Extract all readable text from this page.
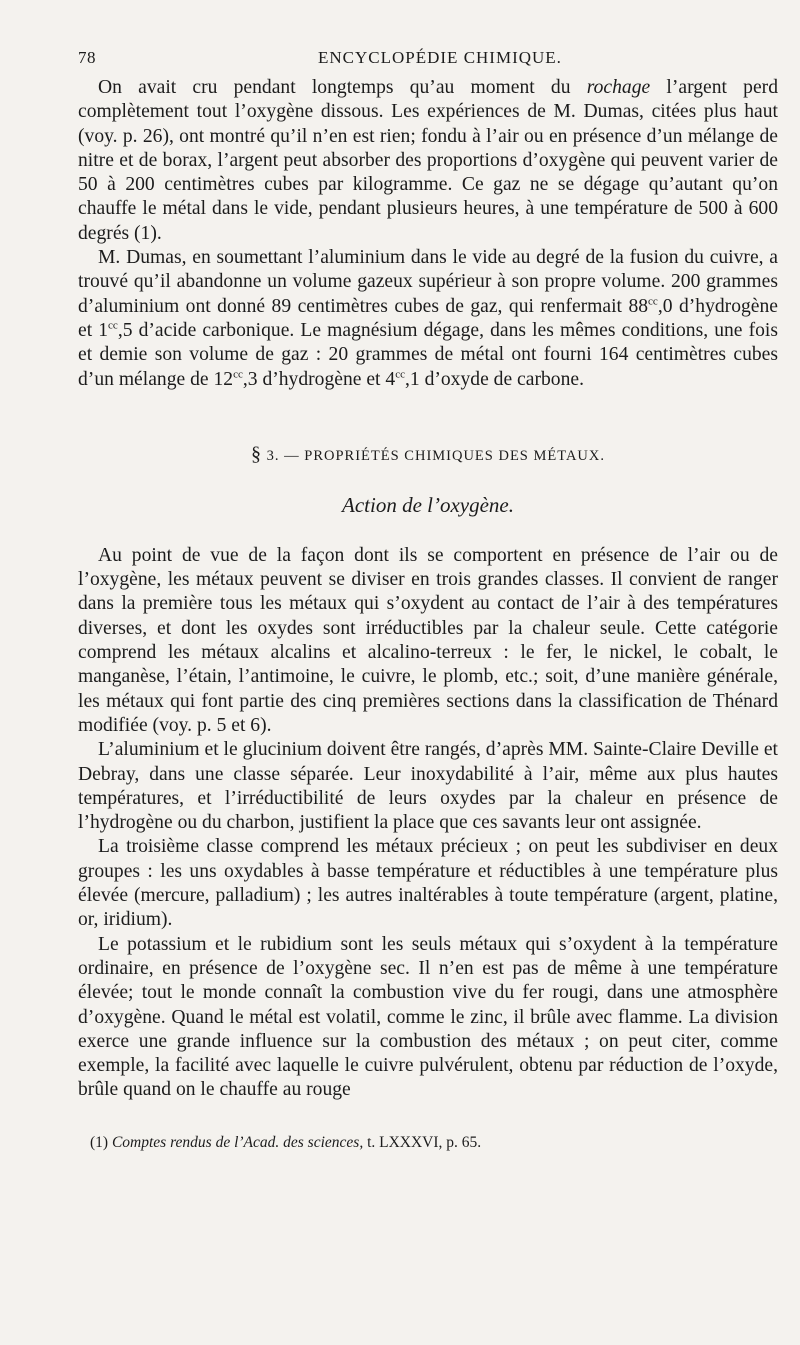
78	ENCYCLOPÉDIE CHIMIQUE.

On avait cru pendant longtemps qu’au moment du rochage l’argent perd complètement tout l’oxygène dissous. Les expériences de M. Dumas, citées plus haut (voy. p. 26), ont montré qu’il n’en est rien; fondu à l’air ou en présence d’un mélange de nitre et de borax, l’argent peut absorber des proportions d’oxygène qui peuvent varier de 50 à 200 centimètres cubes par kilogramme. Ce gaz ne se dégage qu’autant qu’on chauffe le métal dans le vide, pendant plusieurs heures, à une température de 500 à 600 degrés (1).

M. Dumas, en soumettant l’aluminium dans le vide au degré de la fusion du cuivre, a trouvé qu’il abandonne un volume gazeux supérieur à son propre volume. 200 grammes d’aluminium ont donné 89 centimètres cubes de gaz, qui renfermait $88^{cc},0$ d’hydrogène et $1^{cc},5$ d’acide carbonique. Le magnésium dégage, dans les mêmes conditions, une fois et demie son volume de gaz : 20 grammes de métal ont fourni 164 centimètres cubes d’un mélange de $12^{cc},3$ d’hydrogène et $4^{cc},1$ d’oxyde de carbone.

§ 3. — PROPRIÉTÉS CHIMIQUES DES MÉTAUX.
Action de l’oxygène.

Au point de vue de la façon dont ils se comportent en présence de l’air ou de l’oxygène, les métaux peuvent se diviser en trois grandes classes. Il convient de ranger dans la première tous les métaux qui s’oxydent au contact de l’air à des températures diverses, et dont les oxydes sont irréductibles par la chaleur seule. Cette catégorie comprend les métaux alcalins et alcalino-terreux : le fer, le nickel, le cobalt, le manganèse, l’étain, l’antimoine, le cuivre, le plomb, etc.; soit, d’une manière générale, les métaux qui font partie des cinq premières sections dans la classification de Thénard modifiée (voy. p. 5 et 6).

L’aluminium et le glucinium doivent être rangés, d’après MM. Sainte-Claire Deville et Debray, dans une classe séparée. Leur inoxydabilité à l’air, même aux plus hautes températures, et l’irréductibilité de leurs oxydes par la chaleur en présence de l’hydrogène ou du charbon, justifient la place que ces savants leur ont assignée.

La troisième classe comprend les métaux précieux ; on peut les subdiviser en deux groupes : les uns oxydables à basse température et réductibles à une température plus élevée (mercure, palladium) ; les autres inaltérables à toute température (argent, platine, or, iridium).

Le potassium et le rubidium sont les seuls métaux qui s’oxydent à la température ordinaire, en présence de l’oxygène sec. Il n’en est pas de même à une température élevée; tout le monde connaît la combustion vive du fer rougi, dans une atmosphère d’oxygène. Quand le métal est volatil, comme le zinc, il brûle avec flamme. La division exerce une grande influence sur la combustion des métaux ; on peut citer, comme exemple, la facilité avec laquelle le cuivre pulvérulent, obtenu par réduction de l’oxyde, brûle quand on le chauffe au rouge

(1) Comptes rendus de l’Acad. des sciences, t. LXXXVI, p. 65.
